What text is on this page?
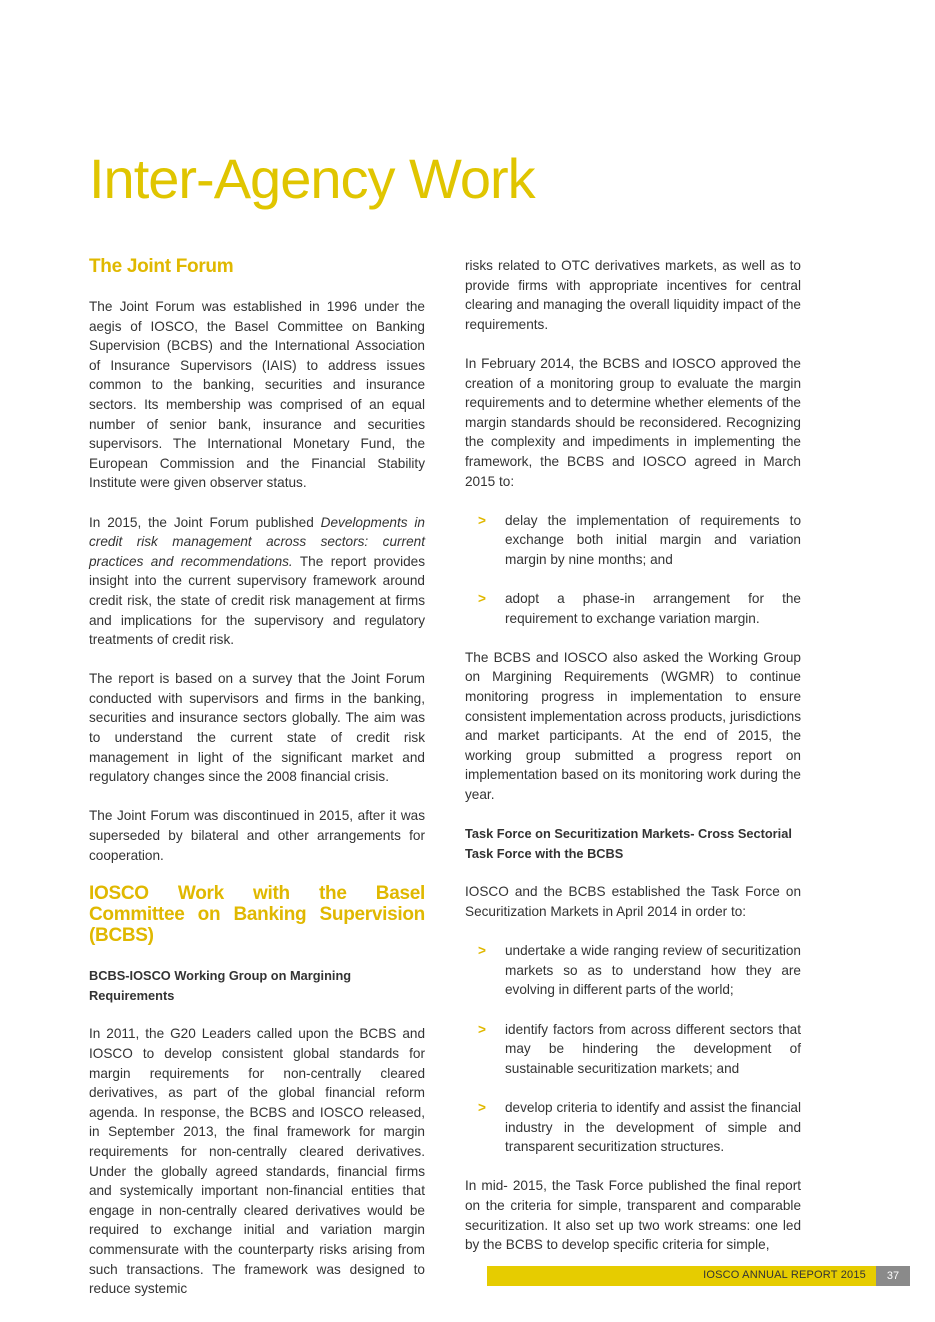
Inter-Agency Work
The Joint Forum

The Joint Forum was established in 1996 under the aegis of IOSCO, the Basel Committee on Banking Supervision (BCBS) and the International Association of Insurance Supervisors (IAIS) to address issues common to the banking, securities and insurance sectors. Its membership was comprised of an equal number of senior bank, insurance and securities supervisors. The International Monetary Fund, the European Commission and the Financial Stability Institute were given observer status.

In 2015, the Joint Forum published Developments in credit risk management across sectors: current practices and recommendations. The report provides insight into the current supervisory framework around credit risk, the state of credit risk management at firms and implications for the supervisory and regulatory treatments of credit risk.

The report is based on a survey that the Joint Forum conducted with supervisors and firms in the banking, securities and insurance sectors globally. The aim was to understand the current state of credit risk management in light of the significant market and regulatory changes since the 2008 financial crisis.

The Joint Forum was discontinued in 2015, after it was superseded by bilateral and other arrangements for cooperation.

IOSCO Work with the Basel Committee on Banking Supervision (BCBS)
BCBS-IOSCO Working Group on Margining Requirements

In 2011, the G20 Leaders called upon the BCBS and IOSCO to develop consistent global standards for margin requirements for non-centrally cleared derivatives, as part of the global financial reform agenda. In response, the BCBS and IOSCO released, in September 2013, the final framework for margin requirements for non-centrally cleared derivatives. Under the globally agreed standards, financial firms and systemically important non-financial entities that engage in non-centrally cleared derivatives would be required to exchange initial and variation margin commensurate with the counterparty risks arising from such transactions. The framework was designed to reduce systemic

risks related to OTC derivatives markets, as well as to provide firms with appropriate incentives for central clearing and managing the overall liquidity impact of the requirements.

In February 2014, the BCBS and IOSCO approved the creation of a monitoring group to evaluate the margin requirements and to determine whether elements of the margin standards should be reconsidered. Recognizing the complexity and impediments in implementing the framework, the BCBS and IOSCO agreed in March 2015 to:

> delay the implementation of requirements to exchange both initial margin and variation margin by nine months; and
> adopt a phase-in arrangement for the requirement to exchange variation margin.

The BCBS and IOSCO also asked the Working Group on Margining Requirements (WGMR) to continue monitoring progress in implementation to ensure consistent implementation across products, jurisdictions and market participants. At the end of 2015, the working group submitted a progress report on implementation based on its monitoring work during the year.

Task Force on Securitization Markets- Cross Sectorial Task Force with the BCBS

IOSCO and the BCBS established the Task Force on Securitization Markets in April 2014 in order to:

> undertake a wide ranging review of securitization markets so as to understand how they are evolving in different parts of the world;
> identify factors from across different sectors that may be hindering the development of sustainable securitization markets; and
> develop criteria to identify and assist the financial industry in the development of simple and transparent securitization structures.

In mid- 2015, the Task Force published the final report on the criteria for simple, transparent and comparable securitization. It also set up two work streams: one led by the BCBS to develop specific criteria for simple,

IOSCO ANNUAL REPORT 2015	37
